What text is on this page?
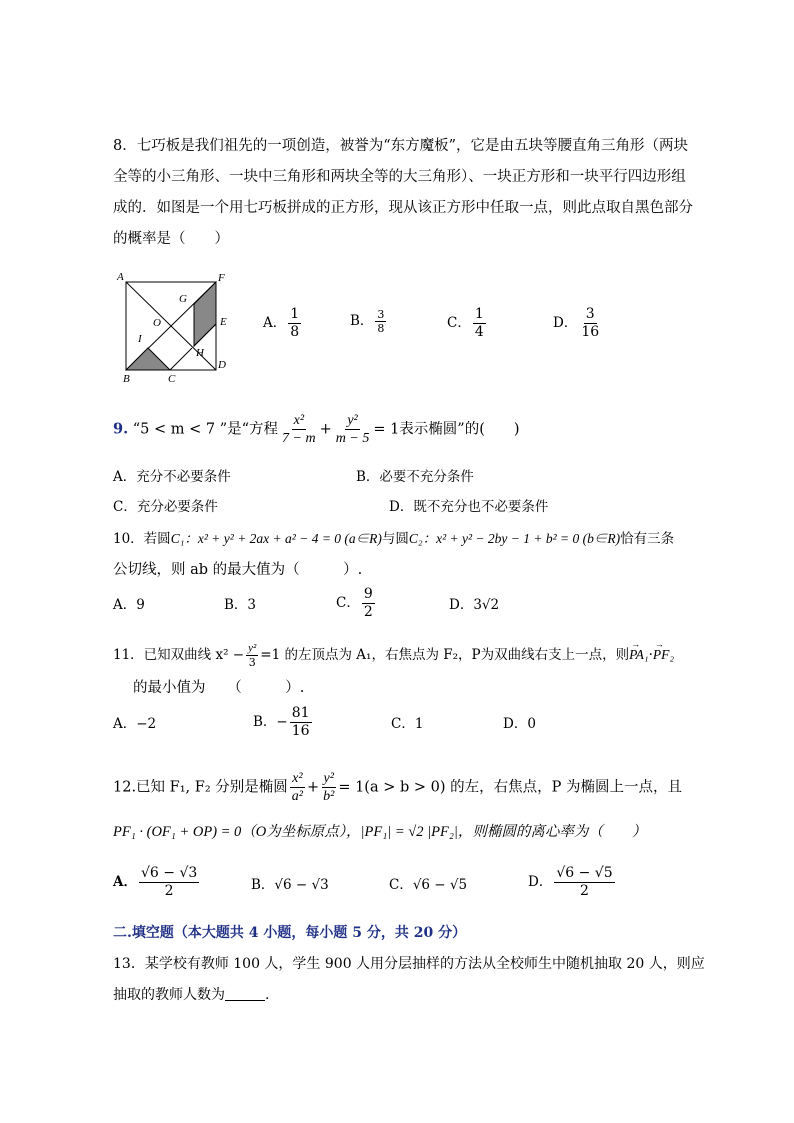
8．七巧板是我们祖先的一项创造，被誉为“东方魔板”，它是由五块等腰直角三角形（两块
全等的小三角形、一块中三角形和两块全等的大三角形）、一块正方形和一块平行四边形组
成的．如图是一个用七巧板拼成的正方形，现从该正方形中任取一点，则此点取自黑色部分
的概率是（　　）
A	F
G
O	E
I
H
D
B	C
A． $\frac{1}{8}$	B． $\frac{3}{8}$	C． $\frac{1}{4}$	D． $\frac{3}{16}$
9. “5 < m < 7 ”是“方程 $\frac{\text{x²}}{7 - m} + \frac{\text{y²}}{m - 5} = 1$表示椭圆”的(　　)
A．充分不必要条件	B．必要不充分条件
C．充分必要条件	D．既不充分也不必要条件
10．若圆C₁：x² + y² + 2ax + a² − 4 = 0 (a∈R)与圆C₂：x² + y² − 2by − 1 + b² = 0 (b∈R)恰有三条
公切线，则 ab 的最大值为（　　　）.
A．9	B．3	C． $\frac{9}{2}$	D．3√2
11．已知双曲线 $x^2 - \frac{\text{y²}}{3} =1$ 的左顶点为 A₁，右焦点为 F₂，P为双曲线右支上一点，则→ PA₁·→ PF₂
的最小值为　　（　　　）.
A．−2	B．− $\frac{81}{16}$	C．1	D．0
12.已知 F₁, F₂ 分别是椭圆 $\frac{\text{x²}}{\text{a²}} + \frac{\text{y²}}{\text{b²}} = 1(a > b > 0)$ 的左，右焦点，P 为椭圆上一点，且
PF₁ · (OF₁ + OP) = 0（O为坐标原点），|PF₁| = √2 |PF₂|，则椭圆的离心率为（　　）
A． $\frac{√6 - √3}{2}$	B．√6 − √3	C．√6 − √5	D． $\frac{√6 - √5}{2}$
二.填空题（本大题共 4 小题，每小题 5 分，共 20 分）
13．某学校有教师 100 人，学生 900 人用分层抽样的方法从全校师生中随机抽取 20 人，则应
抽取的教师人数为	.
